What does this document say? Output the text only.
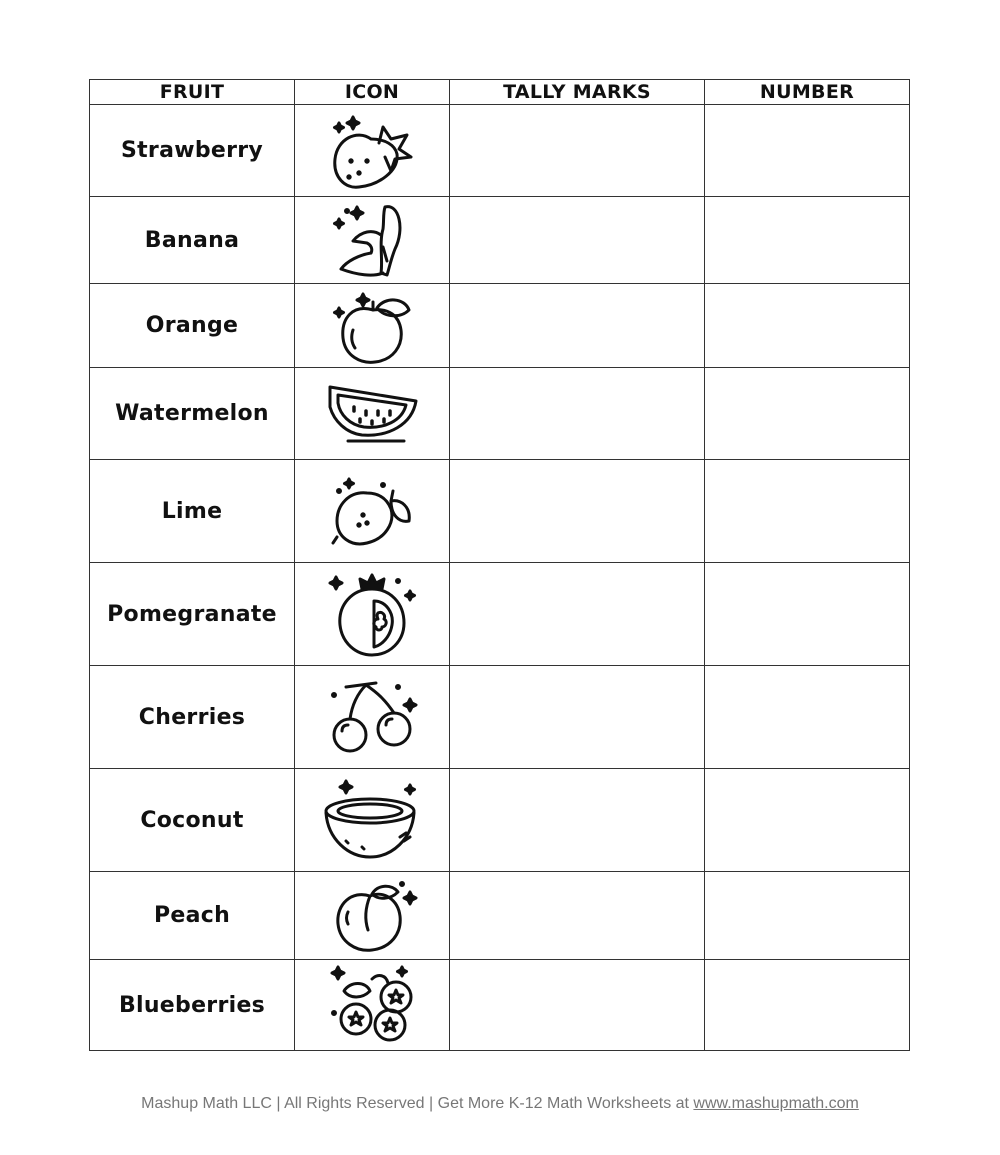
FRUIT	ICON	TALLY MARKS	NUMBER
Strawberry	

Banana	

Orange	

Watermelon	

Lime	

Pomegranate	

Cherries	

Coconut	

Peach	

Blueberries	

Mashup Math LLC | All Rights Reserved | Get More K-12 Math Worksheets at www.mashupmath.com
